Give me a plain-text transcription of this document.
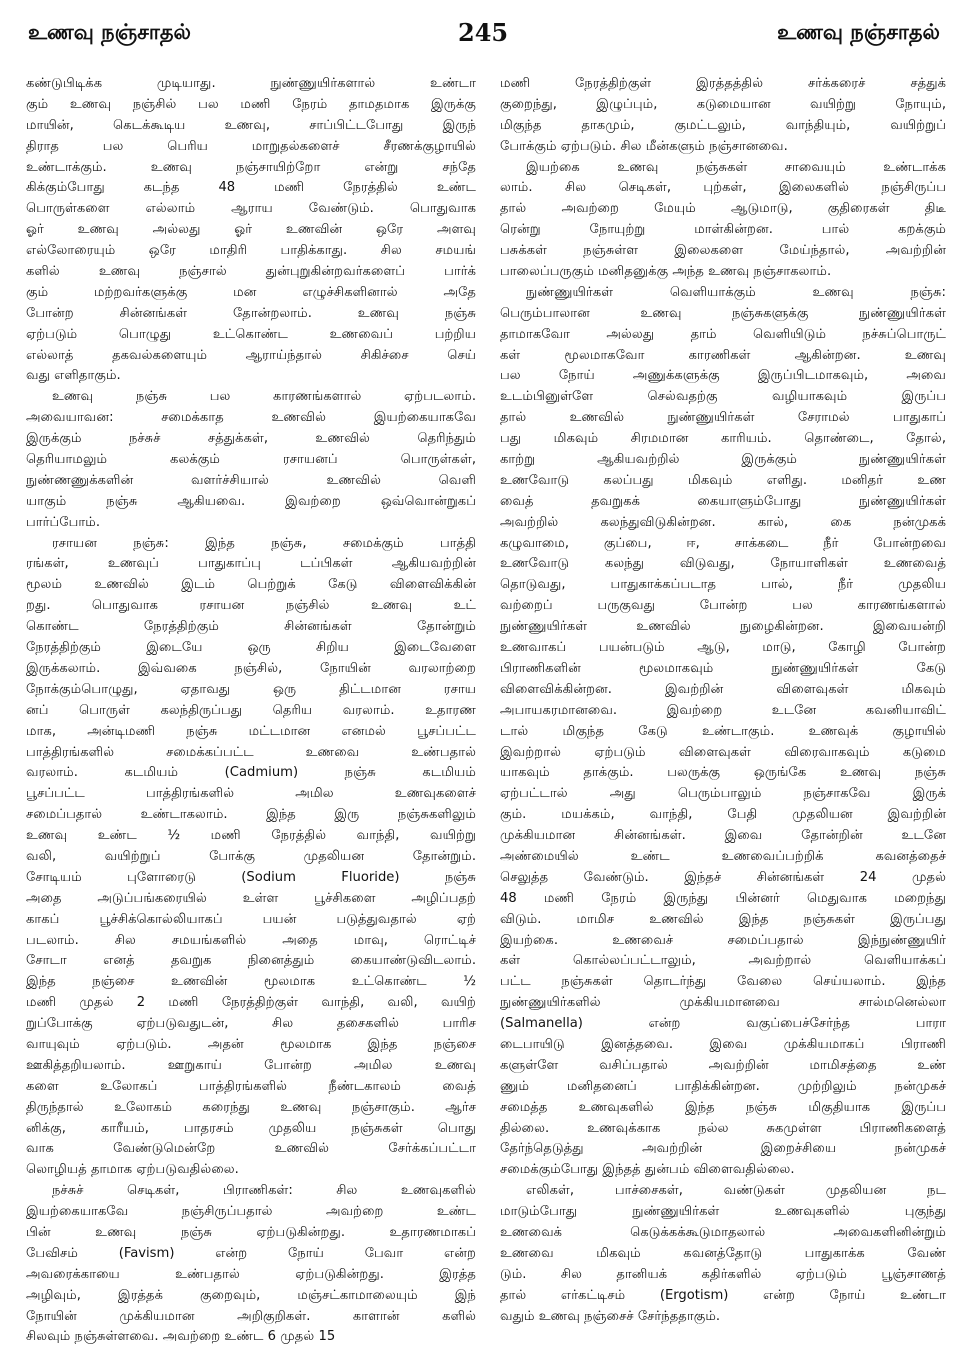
உணவு நஞ்சாதல்	245	உணவு நஞ்சாதல்
கண்டுபிடிக்க முடியாது. நுண்ணுயிர்களால் உண்டா
கும் உணவு நஞ்சில் பல மணி நேரம் தாமதமாக இருக்கு
மாயின், கெடக்கூடிய உணவு, சாப்பிட்டபோது இருந்
திராத பல பெரிய மாறுதல்களைச் சீரணக்குழாயில்
உண்டாக்கும். உணவு நஞ்சாயிற்றோ என்று சந்தே
கிக்கும்போது கடந்த 48 மணி நேரத்தில் உண்ட
பொருள்களை எல்லாம் ஆராய வேண்டும். பொதுவாக
ஓர் உணவு அல்லது ஓர் உணவின் ஒரே அளவு
எல்லோரையும் ஒரே மாதிரி பாதிக்காது. சில சமயங்
களில் உணவு நஞ்சால் துன்புறுகின்றவர்களைப் பார்க்
கும் மற்றவர்களுக்கு மன எழுச்சிகளினால் அதே
போன்ற சின்னங்கள் தோன்றலாம். உணவு நஞ்சு
ஏற்படும் பொழுது உட்கொண்ட உணவைப் பற்றிய
எல்லாத் தகவல்களையும் ஆராய்ந்தால் சிகிச்சை செய்
வது எளிதாகும்.
உணவு நஞ்சு பல காரணங்களால் ஏற்படலாம்.
அவையாவன: சமைக்காத உணவில் இயற்கையாகவே
இருக்கும் நச்சுச் சத்துக்கள், உணவில் தெரிந்தும்
தெரியாமலும் கலக்கும் ரசாயனப் பொருள்கள்,
நுண்ணணுக்களின் வளர்ச்சியால் உணவில் வெளி
யாகும் நஞ்சு ஆகியவை. இவற்றை ஒவ்வொன்றுகப்
பார்ப்போம்.
ரசாயன நஞ்சு: இந்த நஞ்சு, சமைக்கும் பாத்தி
ரங்கள், உணவுப் பாதுகாப்பு டப்பிகள் ஆகியவற்றின்
மூலம் உணவில் இடம் பெற்றுக் கேடு விளைவிக்கின்
றது. பொதுவாக ரசாயன நஞ்சில் உணவு உட்
கொண்ட நேரத்திற்கும் சின்னங்கள் தோன்றும்
நேரத்திற்கும் இடையே ஒரு சிறிய இடைவேளை
இருக்கலாம். இவ்வகை நஞ்சில், நோயின் வரலாற்றை
நோக்கும்பொழுது, ஏதாவது ஒரு திட்டமான ரசாய
னப் பொருள் கலந்திருப்பது தெரிய வரலாம். உதாரண
மாக, அன்டிமணி நஞ்சு மட்டமான எனமல் பூசப்பட்ட
பாத்திரங்களில் சமைக்கப்பட்ட உணவை உண்பதால்
வரலாம். கடமியம் (Cadmium) நஞ்சு கடமியம்
பூசப்பட்ட பாத்திரங்களில் அமில உணவுகளைச்
சமைப்பதால் உண்டாகலாம். இந்த இரு நஞ்சுகளிலும்
உணவு உண்ட ½ மணி நேரத்தில் வாந்தி, வயிற்று
வலி, வயிற்றுப் போக்கு முதலியன தோன்றும்.
சோடியம் புளோரைடு (Sodium Fluoride) நஞ்சு
அதை அடுப்பங்கரையில் உள்ள பூச்சிகளை அழிப்பதற்
காகப் பூச்சிக்கொல்லியாகப் பயன் படுத்துவதால் ஏற்
படலாம். சில சமயங்களில் அதை மாவு, ரொட்டிச்
சோடா எனத் தவறுக நினைத்தும் கையாண்டுவிடலாம்.
இந்த நஞ்சை உணவின் மூலமாக உட்கொண்ட ½
மணி முதல் 2 மணி நேரத்திற்குள் வாந்தி, வலி, வயிற்
றுப்போக்கு ஏற்படுவதுடன், சில தசைகளில் பாரிச
வாயுவும் ஏற்படும். அதன் மூலமாக இந்த நஞ்சை
ஊகித்தறியலாம். ஊறுகாய் போன்ற அமில உணவு
களை உலோகப் பாத்திரங்களில் நீண்டகாலம் வைத்
திருந்தால் உலோகம் கரைந்து உணவு நஞ்சாகும். ஆர்ச
னிக்கு, காரீயம், பாதரசம் முதலிய நஞ்சுகள் பொது
வாக வேண்டுமென்றே உணவில் சேர்க்கப்பட்டா
லொழியத் தாமாக ஏற்படுவதில்லை.
நச்சுச் செடிகள், பிராணிகள்: சில உணவுகளில்
இயற்கையாகவே நஞ்சிருப்பதால் அவற்றை உண்ட
பின் உணவு நஞ்சு ஏற்படுகின்றது. உதாரணமாகப்
பேவிசம் (Favism) என்ற நோய் பேவா என்ற
அவரைக்காயை உண்பதால் ஏற்படுகின்றது. இரத்த
அழிவும், இரத்தக் குறைவும், மஞ்சட்காமாலையும் இந்
நோயின் முக்கியமான அறிகுறிகள். காளான் களில்
சிலவும் நஞ்சுள்ளவை. அவற்றை உண்ட 6 முதல் 15
மணி நேரத்திற்குள் இரத்தத்தில் சர்க்கரைச் சத்துக்
குறைந்து, இழுப்பும், கடுமையான வயிற்று நோயும்,
மிகுந்த தாகமும், குமட்டலும், வாந்தியும், வயிற்றுப்
போக்கும் ஏற்படும். சில மீன்களும் நஞ்சானவை.
இயற்கை உணவு நஞ்சுகள் சாவையும் உண்டாக்க
லாம். சில செடிகள், புற்கள், இலைகளில் நஞ்சிருப்ப
தால் அவற்றை மேயும் ஆடுமாடு, குதிரைகள் திடீ
ரென்று நோயுற்று மாள்கின்றன. பால் கறக்கும்
பசுக்கள் நஞ்சுள்ள இலைகளை மேய்ந்தால், அவற்றின்
பாலைப்பருகும் மனிதனுக்கு அந்த உணவு நஞ்சாகலாம்.
நுண்ணுயிர்கள் வெளியாக்கும் உணவு நஞ்சு:
பெரும்பாலான உணவு நஞ்சுகளுக்கு நுண்ணுயிர்கள்
தாமாகவோ அல்லது தாம் வெளியிடும் நச்சுப்பொருட்
கள் மூலமாகவோ காரணிகள் ஆகின்றன. உணவு
பல நோய் அணுக்களுக்கு இருப்பிடமாகவும், அவை
உடம்பினுள்ளே செல்வதற்கு வழியாகவும் இருப்ப
தால் உணவில் நுண்ணுயிர்கள் சேராமல் பாதுகாப்
பது மிகவும் சிரமமான காரியம். தொண்டை, தோல்,
காற்று ஆகியவற்றில் இருக்கும் நுண்ணுயிர்கள்
உணவோடு கலப்பது மிகவும் எளிது. மனிதர் உண
வைத் தவறுகக் கையாளும்போது நுண்ணுயிர்கள்
அவற்றில் கலந்துவிடுகின்றன. கால், கை நன்முகக்
கழுவாமை, குப்பை, ஈ, சாக்கடை நீர் போன்றவை
உணவோடு கலந்து விடுவது, நோயாளிகள் உணவைத்
தொடுவது, பாதுகாக்கப்படாத பால், நீர் முதலிய
வற்றைப் பருகுவது போன்ற பல காரணங்களால்
நுண்ணுயிர்கள் உணவில் நுழைகின்றன. இவையன்றி
உணவாகப் பயன்படும் ஆடு, மாடு, கோழி போன்ற
பிராணிகளின் மூலமாகவும் நுண்ணுயிர்கள் கேடு
விளைவிக்கின்றன. இவற்றின் விளைவுகள் மிகவும்
அபாயகரமானவை. இவற்றை உடனே கவனியாவிட்
டால் மிகுந்த கேடு உண்டாகும். உணவுக் குழாயில்
இவற்றால் ஏற்படும் விளைவுகள் விரைவாகவும் கடுமை
யாகவும் தாக்கும். பலருக்கு ஒருங்கே உணவு நஞ்சு
ஏற்பட்டால் அது பெரும்பாலும் நஞ்சாகவே இருக்
கும். மயக்கம், வாந்தி, பேதி முதலியன இவற்றின்
முக்கியமான சின்னங்கள். இவை தோன்றின் உடனே
அண்மையில் உண்ட உணவைப்பற்றிக் கவனத்தைச்
செலுத்த வேண்டும். இந்தச் சின்னங்கள் 24 முதல்
48 மணி நேரம் இருந்து பின்னர் மெதுவாக மறைந்து
விடும். மாமிச உணவில் இந்த நஞ்சுகள் இருப்பது
இயற்கை. உணவைச் சமைப்பதால் இந்நுண்ணுயிர்
கள் கொல்லப்பட்டாலும், அவற்றால் வெளியாக்கப்
பட்ட நஞ்சுகள் தொடர்ந்து வேலை செய்யலாம். இந்த
நுண்ணுயிர்களில் முக்கியமானவை சால்மனெல்லா
(Salmanella) என்ற வகுப்பைச்சேர்ந்த பாரா
டைபாயிடு இனத்தவை. இவை முக்கியமாகப் பிராணி
களுள்ளே வசிப்பதால் அவற்றின் மாமிசத்தை உண்
ணும் மனிதனைப் பாதிக்கின்றன. முற்றிலும் நன்முகச்
சமைத்த உணவுகளில் இந்த நஞ்சு மிகுதியாக இருப்ப
தில்லை. உணவுக்காக நல்ல சுகமுள்ள பிராணிகளைத்
தேர்ந்தெடுத்து அவற்றின் இறைச்சியை நன்முகச்
சமைக்கும்போது இந்தத் துன்பம் விளைவதில்லை.
எலிகள், பாச்சைகள், வண்டுகள் முதலியன நட
மாடும்போது நுண்ணுயிர்கள் உணவுகளில் புகுந்து
உணவைக் கெடுக்கக்கூடுமாதலால் அவைகளினின்றும்
உணவை மிகவும் கவனத்தோடு பாதுகாக்க வேண்
டும். சில தானியக் கதிர்களில் ஏற்படும் பூஞ்சாணத்
தால் எர்கட்டிசம் (Ergotism) என்ற நோய் உண்டா
வதும் உணவு நஞ்சைச் சேர்ந்ததாகும்.
